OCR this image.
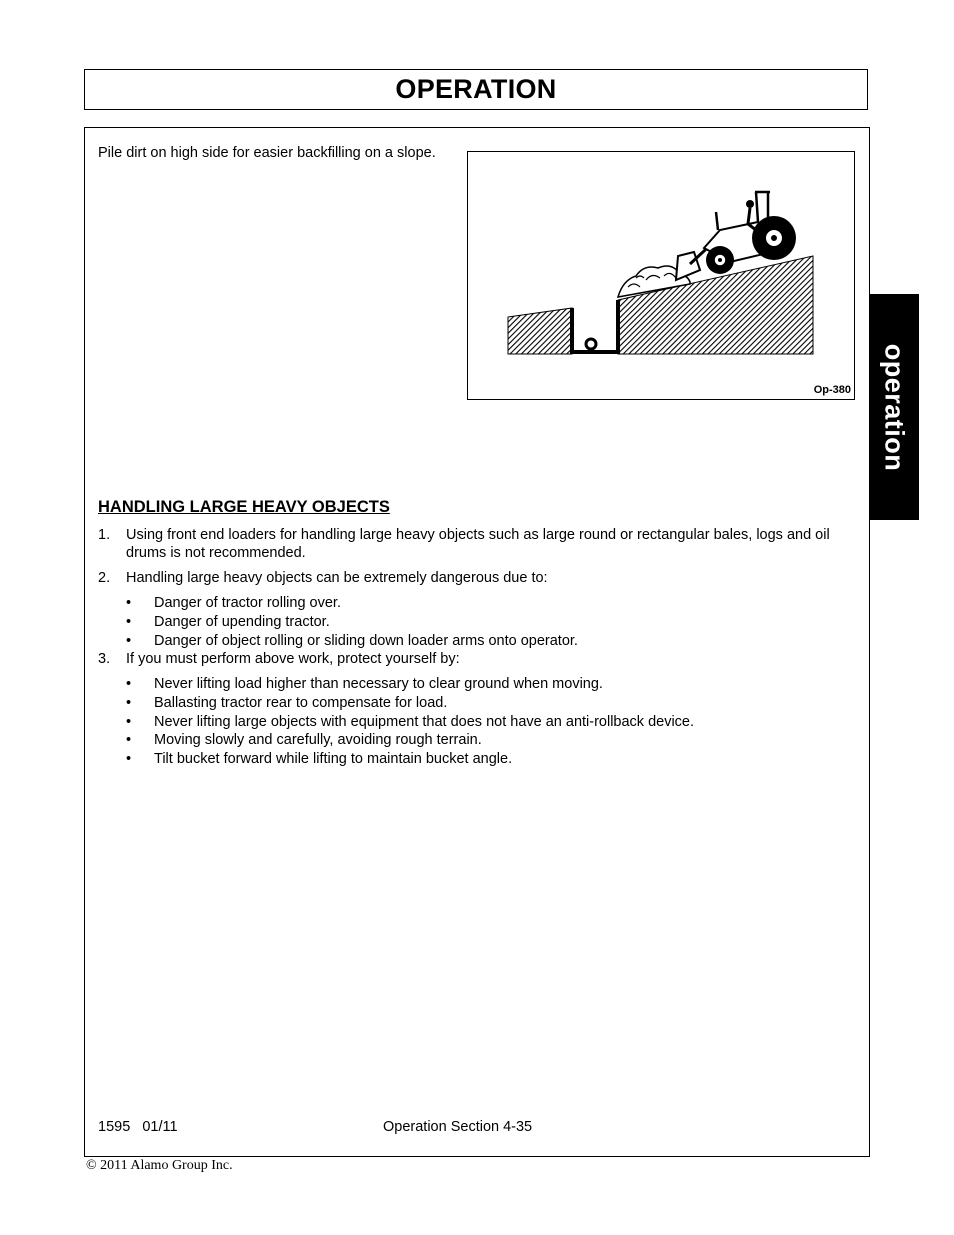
OPERATION
operation

Pile dirt on high side for easier backfilling on a slope.

Op-380
HANDLING LARGE HEAVY OBJECTS
1. Using front end loaders for handling large heavy objects such as large round or rectangular bales, logs and oil drums is not recommended.
2. Handling large heavy objects can be extremely dangerous due to:
• Danger of tractor rolling over.
• Danger of upending tractor.
• Danger of object rolling or sliding down loader arms onto operator.
3. If you must perform above work, protect yourself by:
• Never lifting load higher than necessary to clear ground when moving.
• Ballasting tractor rear to compensate for load.
• Never lifting large objects with equipment that does not have an anti-rollback device.
• Moving slowly and carefully, avoiding rough terrain.
• Tilt bucket forward while lifting to maintain bucket angle.
1595   01/11	Operation Section 4-35
© 2011 Alamo Group Inc.
